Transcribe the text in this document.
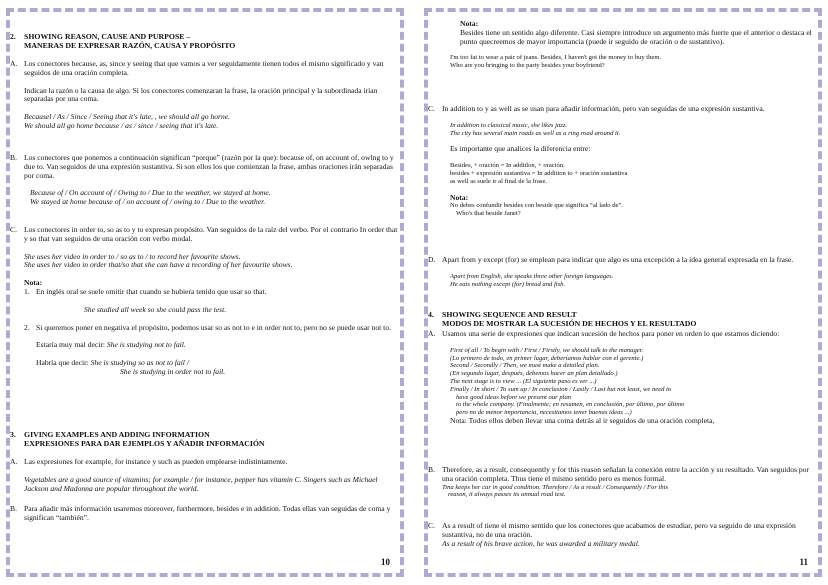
2.	SHOWING REASON, CAUSE AND PURPOSE –
MANERAS DE EXPRESAR RAZÓN, CAUSA Y PROPÓSITO
A. Los conectores because, as, since y seeing that que vamos a ver seguidamente tienen todos el mismo significado y van seguidos de una oración completa.

Indican la razón o la causa de algo. Si los conectores comenzaran la frase, la oración principal y la subordinada irían separadas por una coma.

Becausel / As / Since / Seeing that it's late, , we should all go horne.

We should all go home because / as / since / seeing that it's late.

B. Los conectores que ponemos a continuación significan “porque” (razón por la que): because of, on account of, owlng to y due to. Van seguidos de una expresión sustantiva. Si son ellos los que comienzan la frase, ambas oraciones irán separadas por coma.

Because of / On account of / Owing to / Due to the weather, we stayed at home.

We stayed at home because of / on account of / owing to / Due to the weather.

C. Los conectores in order to, so as to y to expresan propósito. Van seguidos de la raíz del verbo. Por el contrario In order that y so that van seguidos de una oración con verbo modal.

She uses her video in order to / so as to / to record her favourite shows.

She uses her video in order that/so that she can have a recording of her favourite shows.

Nota:

1. En inglés oral se suele omitir that cuando se hubiera tenido que usar so that.

She studied all week so she could pass the test.

2. Si queremos poner en negativa el propósito, podemos usar so as not to e in order not to, pero no se puede usar not to.

Estaría muy mal decir: She is studying not to fail.

Habría que decir: She is studying so as not to fail /

She is studying in order not to fail.

3.	GIVING EXAMPLES AND ADDING INFORMATION
EXPRESIONES PARA DAR EJEMPLOS Y AÑADIR INFORMACIÓN
A. Las expresiones for example, for instance y such as pueden emplearse indistintamente.

Vegetables are a good source of vitamins; for example / for instance, pepper has vitamin C. Singers such as Michael Jackson and Madonna are popular throughout the world.

B. Para añadir más información usaremos moreover, furthermore, besides e in addition. Todas ellas van seguidas de coma y significan “también”.

10

Nota:

Besides tiene un sentido algo diferente. Casi siempre introduce un argumento más fuerte que el anterior o destaca el punto quecreemos de mayor importancia (puede ir seguido de oración o de sustantivo).

I'm too fat to wear a pair of jeans. Besides, I haven't got the money to buy them.

Who are you bringing to the party besides your boyfriend?

C. In addition to y as well as se usan para añadir información, pero van seguidas de una expresión sustantiva.

In addition to classical music, she likes jazz.

The city has several main roads as well as a ring road around it.

Es importante que analices la diferencia entre:

Besides, + oración = In additlon, + oración.

besides + expresión sustantiva = In addition to + oración sustantiva

as well as suele ir al final de la frase.

Nota:

No debes confundir besides con beside que significa “al lado de”.

Who's that beside Janet?

D. Apart from y except (for) se emplean para indicar que algo es una excepción a la idea general expresada en la frase.

Apart from English, she speaks three other foreign languages.

He eats nothing except (for) bread and fish.

4.	SHOWING SEQUENCE AND RESULT
MODOS DE MOSTRAR LA SUCESIÓN DE HECHOS Y EL RESULTADO
A. Usamos una serie de expresiones que indican sucesión de hechos para poner en orden lo que estamos diciendo:

First of all / To begin with / First / Firstly, we should talk to the manager.

(Lo primero de todo, en primer lugar, deberíamos hablar con el gerente.)

Second / Secondly / Then, we must make a detailed plan.

(En segundo lugar, después, debemos hacer un plan detallado.)

The next stage is to view ... (El siguiente paso es ver ...)

Finally / In short / To sum up / In conclusion / Lastly / Last but not least, we need to

have good ideas before we present our plan

to the whole company. (Finalmente; en resumen, en conclusión, por último, por último

pero no de menor importancia, necesitamos tener buenas ideas ...)

Nota: Todos ellos deben llevar una coma detrás al ir seguidos de una oración completa,

B. Therefore, as a result, consequently y for this reason señalan la conexión entre la acción y su resultado. Van seguidos por una oración completa. Thus tiene el mismo sentido pero es menos formal.

Tina keeps her car in good condition. Therefore / As a result / Consequently / For this

reason, it always passes its annual road test.

C. As a result of tiene el mismo sentido que los conectores que acabamos de estudiar, pero va seguido de una expresión sustantiva, no de una oración.

As a result of his brave action, he was awarded a military medal.

11
